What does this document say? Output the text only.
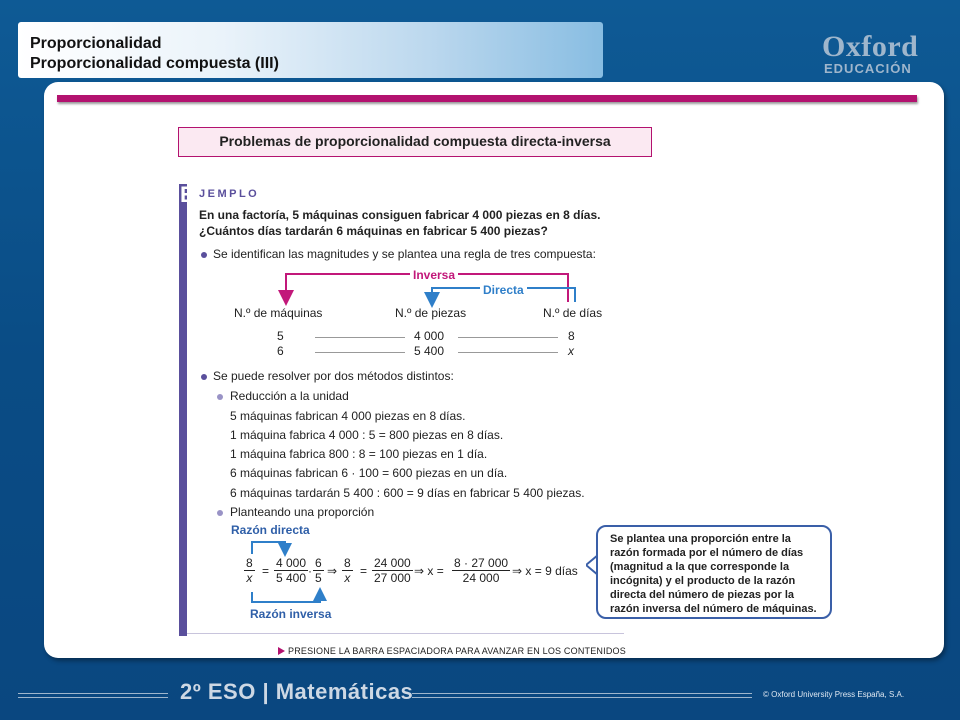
Proporcionalidad
Proporcionalidad compuesta (III)
Oxford
EDUCACIÓN
Problemas de proporcionalidad compuesta directa-inversa
E JEMPLO
En una factoría, 5 máquinas consiguen fabricar 4 000 piezas en 8 días.
¿Cuántos días tardarán 6 máquinas en fabricar 5 400 piezas?
Se identifican las magnitudes y se plantea una regla de tres compuesta:
Inversa
Directa
N.º de máquinas	N.º de piezas	N.º de días
5	4 000	8
6	5 400	x
Se puede resolver por dos métodos distintos:
Reducción a la unidad
5 máquinas fabrican 4 000 piezas en 8 días.
1 máquina fabrica 4 000 : 5 = 800 piezas en 8 días.
1 máquina fabrica 800 : 8 = 100 piezas en 1 día.
6 máquinas fabrican 6 · 100 = 600 piezas en un día.
6 máquinas tardarán 5 400 : 600 = 9 días en fabricar 5 400 piezas.
Planteando una proporción
Razón directa
$\frac{8}{x} = \frac{4 000}{5 400} \cdot \frac{6}{5}$ ⇒ $\frac{8}{x} = \frac{24 000}{27 000}$ ⇒ $x = \frac{8 \cdot 27 000}{24 000}$ ⇒ x = 9 días
Razón inversa
Se plantea una proporción entre la razón formada por el número de días (magnitud a la que corresponde la incógnita) y el producto de la razón directa del número de piezas por la razón inversa del número de máquinas.
PRESIONE LA BARRA ESPACIADORA PARA AVANZAR EN LOS CONTENIDOS
2º ESO | Matemáticas	© Oxford University Press España, S.A.
